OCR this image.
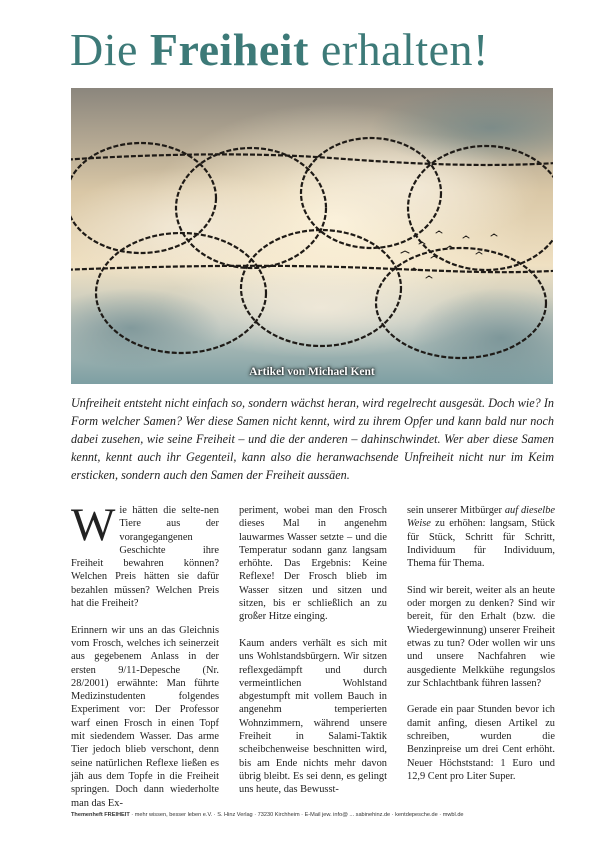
Die Freiheit erhalten!
Artikel von Michael Kent
Unfreiheit entsteht nicht einfach so, sondern wächst heran, wird regelrecht ausgesät. Doch wie? In Form welcher Samen? Wer diese Samen nicht kennt, wird zu ihrem Opfer und kann bald nur noch dabei zusehen, wie seine Freiheit – und die der anderen – dahinschwindet. Wer aber diese Samen kennt, kennt auch ihr Gegenteil, kann also die heranwachsende Unfreiheit nicht nur im Keim ersticken, sondern auch den Samen der Freiheit aussäen.

Wie hätten die selte-nen Tiere aus der vorangegangenen Geschichte ihre Freiheit bewahren können? Welchen Preis hätten sie dafür bezahlen müssen? Welchen Preis hat die Freiheit?

Erinnern wir uns an das Gleichnis vom Frosch, welches ich seinerzeit aus gegebenem Anlass in der ersten 9/11-Depesche (Nr. 28/2001) erwähnte: Man führte Medizinstudenten folgendes Experiment vor: Der Professor warf einen Frosch in einen Topf mit siedendem Wasser. Das arme Tier jedoch blieb verschont, denn seine natürlichen Reflexe ließen es jäh aus dem Topfe in die Freiheit springen. Doch dann wiederholte man das Ex-

periment, wobei man den Frosch dieses Mal in angenehm lauwarmes Wasser setzte – und die Temperatur sodann ganz langsam erhöhte. Das Ergebnis: Keine Reflexe! Der Frosch blieb im Wasser sitzen und sitzen und sitzen, bis er schließlich an zu großer Hitze einging.

Kaum anders verhält es sich mit uns Wohlstandsbürgern. Wir sitzen reflexgedämpft und durch vermeintlichen Wohlstand abgestumpft mit vollem Bauch in angenehm temperierten Wohnzimmern, während unsere Freiheit in Salami-Taktik scheibchenweise beschnitten wird, bis am Ende nichts mehr davon übrig bleibt. Es sei denn, es gelingt uns heute, das Bewusst-

sein unserer Mitbürger auf dieselbe Weise zu erhöhen: langsam, Stück für Stück, Schritt für Schritt, Individuum für Individuum, Thema für Thema.

Sind wir bereit, weiter als an heute oder morgen zu denken? Sind wir bereit, für den Erhalt (bzw. die Wiedergewinnung) unserer Freiheit etwas zu tun? Oder wollen wir uns und unsere Nachfahren wie ausgediente Melkkühe regungslos zur Schlachtbank führen lassen?

Gerade ein paar Stunden bevor ich damit anfing, diesen Artikel zu schreiben, wurden die Benzinpreise um drei Cent erhöht. Neuer Höchststand: 1 Euro und 12,9 Cent pro Liter Super.

Themenheft FREIHEIT · mehr wissen, besser leben e.V. · S. Hinz Verlag · 73230 Kirchheim · E-Mail jew. info@ ... sabinehinz.de · kentdepesche.de · mwbl.de
